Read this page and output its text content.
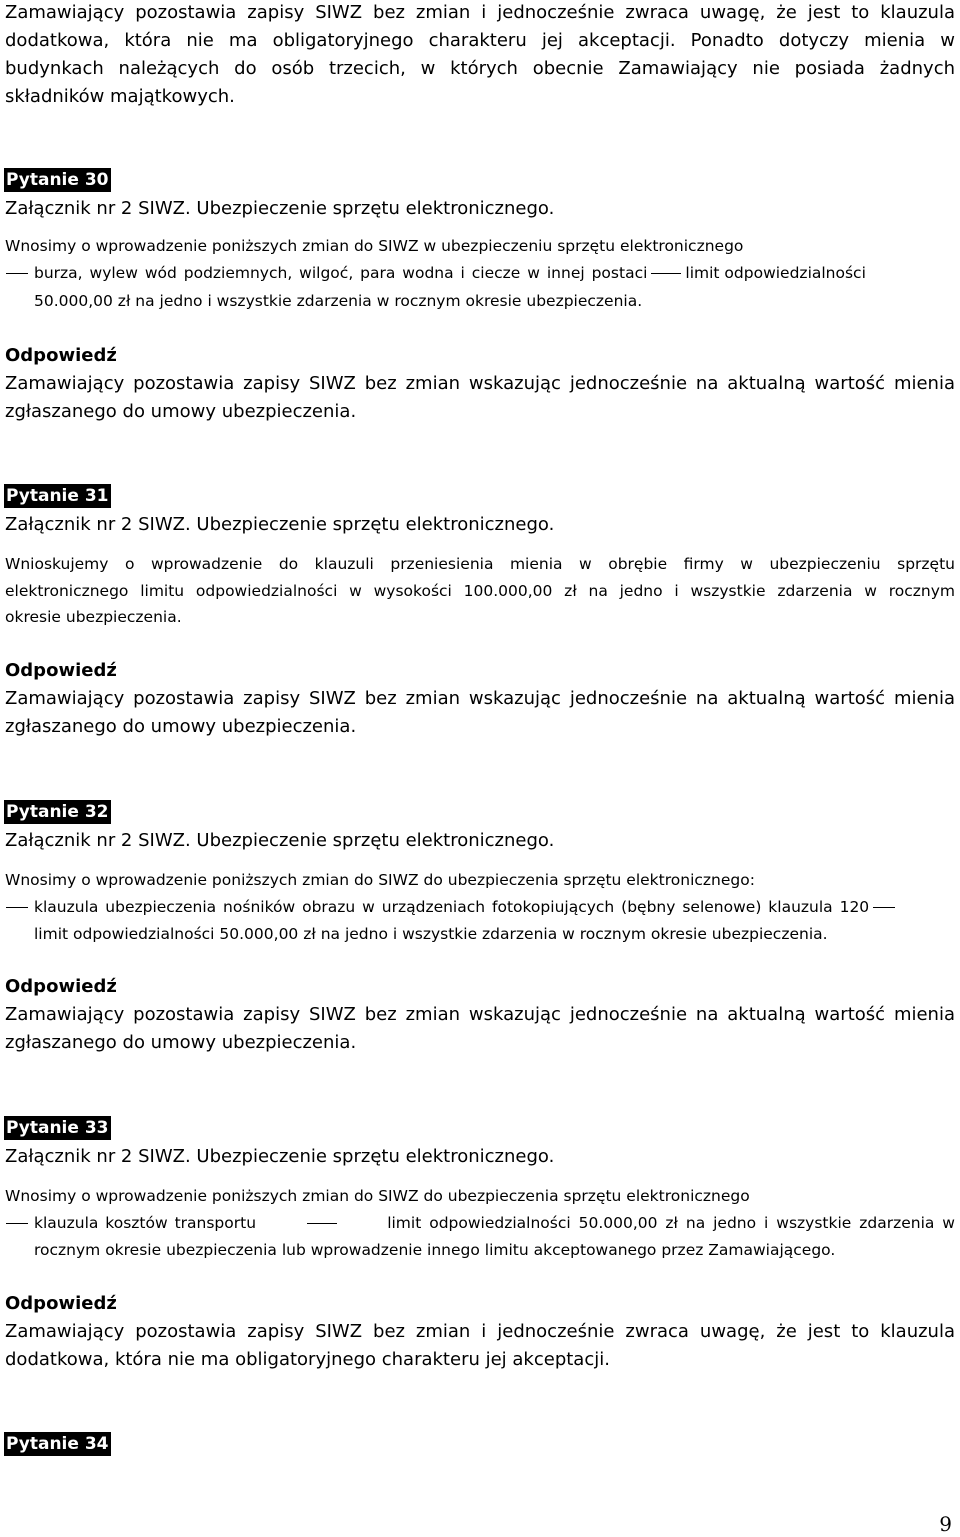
Zamawiający pozostawia zapisy SIWZ bez zmian i jednocześnie zwraca uwagę, że jest to klauzula
dodatkowa, która nie ma obligatoryjnego charakteru jej akceptacji. Ponadto dotyczy mienia w
budynkach należących do osób trzecich, w których obecnie Zamawiający nie posiada żadnych
składników majątkowych.
Pytanie 30
Załącznik nr 2 SIWZ. Ubezpieczenie sprzętu elektronicznego.
Wnosimy o wprowadzenie poniższych zmian do SIWZ w ubezpieczeniu sprzętu elektronicznego
burza, wylew wód podziemnych, wilgoć, para wodna i ciecze w innej postaci limit odpowiedzialności
50.000,00 zł na jedno i wszystkie zdarzenia w rocznym okresie ubezpieczenia.
Odpowiedź
Zamawiający pozostawia zapisy SIWZ bez zmian wskazując jednocześnie na aktualną wartość mienia
zgłaszanego do umowy ubezpieczenia.
Pytanie 31
Załącznik nr 2 SIWZ. Ubezpieczenie sprzętu elektronicznego.
Wnioskujemy o wprowadzenie do klauzuli przeniesienia mienia w obrębie firmy w ubezpieczeniu sprzętu
elektronicznego limitu odpowiedzialności w wysokości 100.000,00 zł na jedno i wszystkie zdarzenia w rocznym
okresie ubezpieczenia.
Odpowiedź
Zamawiający pozostawia zapisy SIWZ bez zmian wskazując jednocześnie na aktualną wartość mienia
zgłaszanego do umowy ubezpieczenia.
Pytanie 32
Załącznik nr 2 SIWZ. Ubezpieczenie sprzętu elektronicznego.
Wnosimy o wprowadzenie poniższych zmian do SIWZ do ubezpieczenia sprzętu elektronicznego:
klauzula ubezpieczenia nośników obrazu w urządzeniach fotokopiujących (bębny selenowe) klauzula 120
limit odpowiedzialności 50.000,00 zł na jedno i wszystkie zdarzenia w rocznym okresie ubezpieczenia.
Odpowiedź
Zamawiający pozostawia zapisy SIWZ bez zmian wskazując jednocześnie na aktualną wartość mienia
zgłaszanego do umowy ubezpieczenia.
Pytanie 33
Załącznik nr 2 SIWZ. Ubezpieczenie sprzętu elektronicznego.
Wnosimy o wprowadzenie poniższych zmian do SIWZ do ubezpieczenia sprzętu elektronicznego
klauzula kosztów transportu	limit odpowiedzialności 50.000,00 zł na jedno i wszystkie zdarzenia w
rocznym okresie ubezpieczenia lub wprowadzenie innego limitu akceptowanego przez Zamawiającego.
Odpowiedź
Zamawiający pozostawia zapisy SIWZ bez zmian i jednocześnie zwraca uwagę, że jest to klauzula
dodatkowa, która nie ma obligatoryjnego charakteru jej akceptacji.
Pytanie 34
9
